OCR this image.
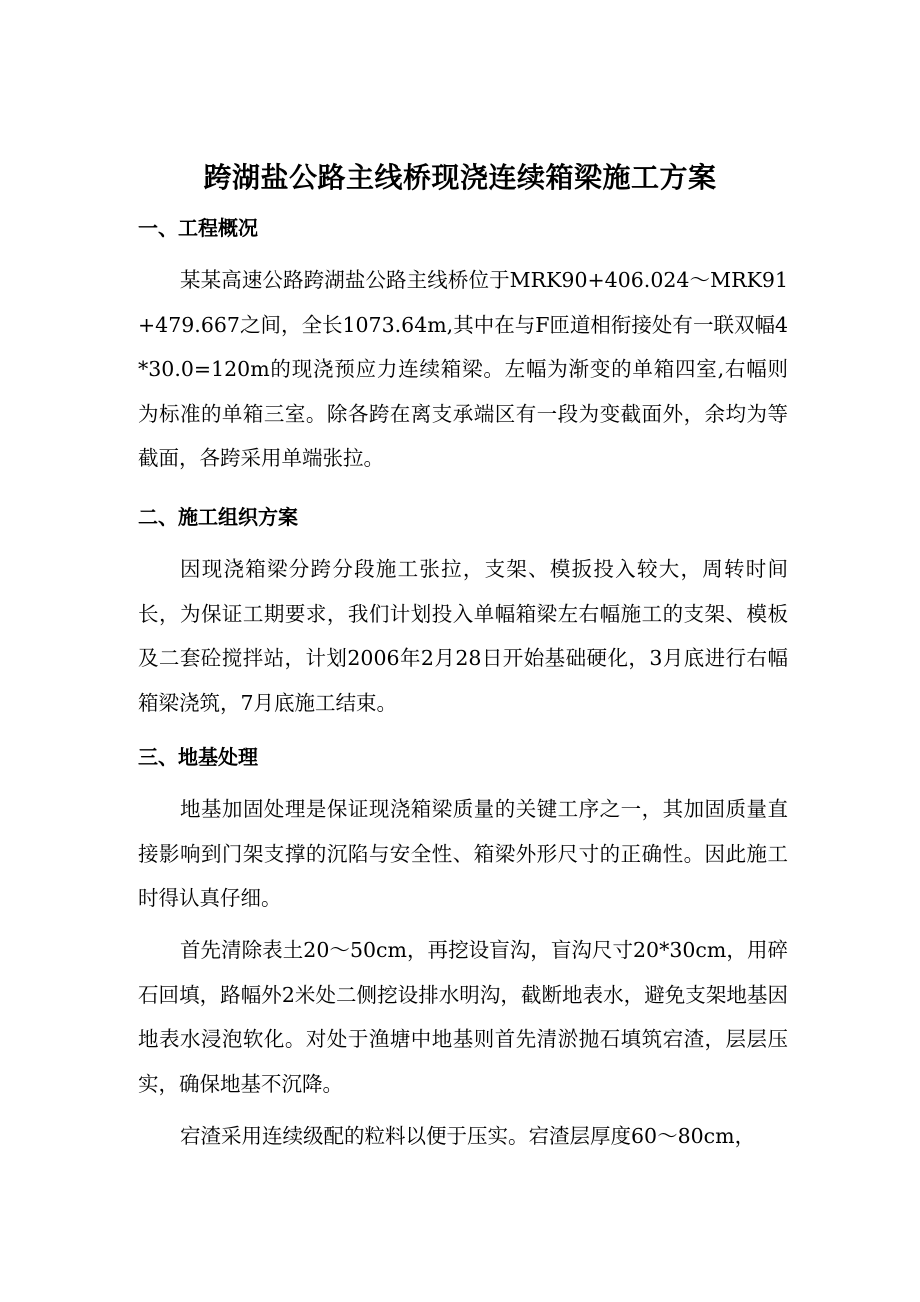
跨湖盐公路主线桥现浇连续箱梁施工方案
一、工程概况

某某高速公路跨湖盐公路主线桥位于MRK90+406.024～MRK91+479.667之间，全长1073.64m,其中在与F匝道相衔接处有一联双幅4*30.0=120m的现浇预应力连续箱梁。左幅为渐变的单箱四室,右幅则为标准的单箱三室。除各跨在离支承端区有一段为变截面外，余均为等截面，各跨采用单端张拉。

二、施工组织方案

因现浇箱梁分跨分段施工张拉，支架、模扳投入较大，周转时间长，为保证工期要求，我们计划投入单幅箱梁左右幅施工的支架、模板及二套砼搅拌站，计划2006年2月28日开始基础硬化，3月底进行右幅箱梁浇筑，7月底施工结束。

三、地基处理

地基加固处理是保证现浇箱梁质量的关键工序之一，其加固质量直接影响到门架支撑的沉陷与安全性、箱梁外形尺寸的正确性。因此施工时得认真仔细。

首先清除表土20～50cm，再挖设盲沟，盲沟尺寸20*30cm，用碎石回填，路幅外2米处二侧挖设排水明沟，截断地表水，避免支架地基因地表水浸泡软化。对处于渔塘中地基则首先清淤抛石填筑宕渣，层层压实，确保地基不沉降。

宕渣采用连续级配的粒料以便于压实。宕渣层厚度60～80cm，
